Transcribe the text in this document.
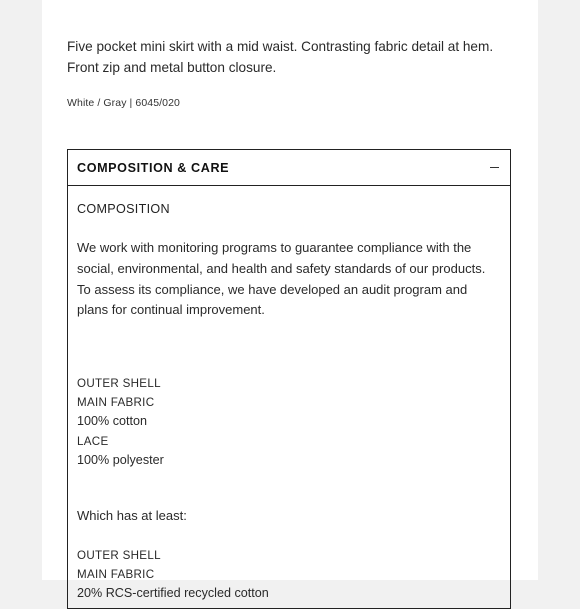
Five pocket mini skirt with a mid waist. Contrasting fabric detail at hem.
Front zip and metal button closure.

White / Gray | 6045/020

COMPOSITION & CARE
COMPOSITION

We work with monitoring programs to guarantee compliance with the
social, environmental, and health and safety standards of our products.
To assess its compliance, we have developed an audit program and
plans for continual improvement.

OUTER SHELL
MAIN FABRIC
100% cotton
LACE
100% polyester

Which has at least:

OUTER SHELL
MAIN FABRIC
20% RCS-certified recycled cotton
